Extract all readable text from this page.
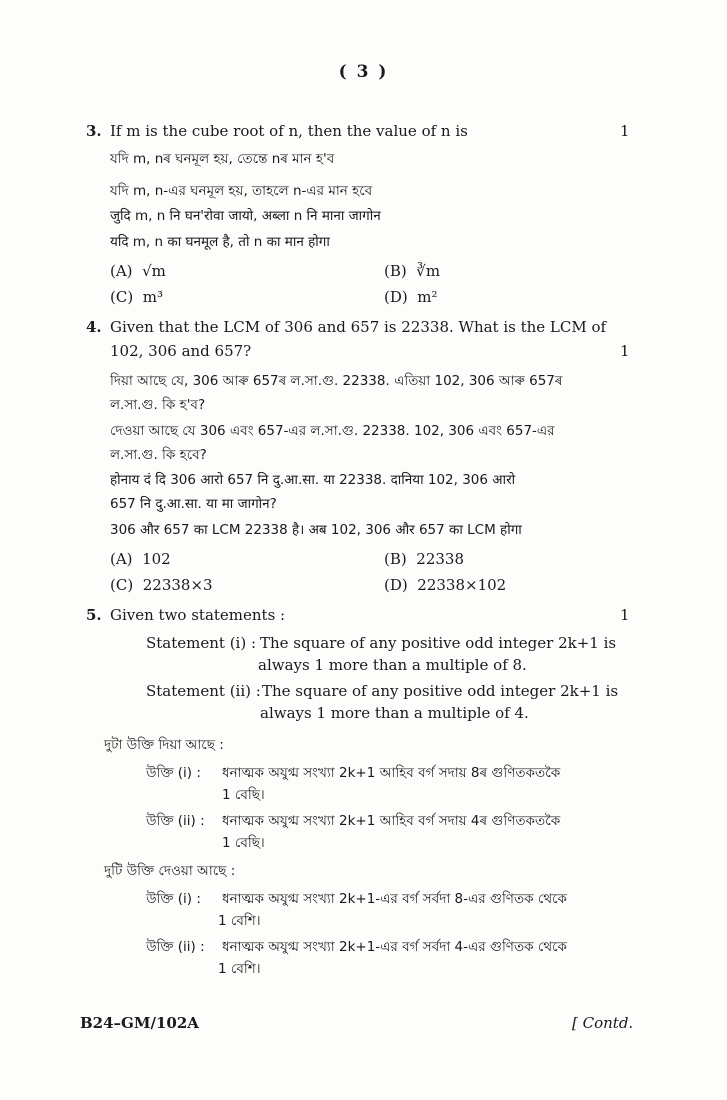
( 3 )
3. If m is the cube root of n, then the value of n is	1
যদি m, nৰ ঘনমূল হয়, তেন্তে nৰ মান হ'ব
যদি m, n-এর ঘনমূল হয়, তাহলে n-এর মান হবে
जुदि m, n नि घन'रोवा जायो, अब्ला n नि माना जागोन
यदि m, n का घनमूल है, तो n का मान होगा
(A) √m	(B) ∛m
(C) m³	(D) m²
4. Given that the LCM of 306 and 657 is 22338. What is the LCM of
102, 306 and 657?	1
দিয়া আছে যে, 306 আৰু 657ৰ ল.সা.গু. 22338. এতিয়া 102, 306 আৰু 657ৰ
ল.সা.গু. কি হ'ব?
দেওয়া আছে যে 306 এবং 657-এর ল.সা.গু. 22338. 102, 306 এবং 657-এর
ল.সা.গু. কি হবে?
होनाय दं दि 306 आरो 657 नि दु.आ.सा. या 22338. दानिया 102, 306 आरो
657 नि दु.आ.सा. या मा जागोन?
306 और 657 का LCM 22338 है। अब 102, 306 और 657 का LCM होगा
(A) 102	(B) 22338
(C) 22338×3	(D) 22338×102
5. Given two statements :	1
Statement (i) : The square of any positive odd integer 2k+1 is
always 1 more than a multiple of 8.
Statement (ii) : The square of any positive odd integer 2k+1 is
always 1 more than a multiple of 4.
দুটা উক্তি দিয়া আছে :
উক্তি (i) : ধনাত্মক অযুগ্ম সংখ্যা 2k+1 আহিব বৰ্গ সদায় 8ৰ গুণিতকতকৈ
1 বেছি।
উক্তি (ii) : ধনাত্মক অযুগ্ম সংখ্যা 2k+1 আহিব বৰ্গ সদায় 4ৰ গুণিতকতকৈ
1 বেছি।
দুটি উক্তি দেওয়া আছে :
উক্তি (i) : ধনাত্মক অযুগ্ম সংখ্যা 2k+1-এর বর্গ সর্বদা 8-এর গুণিতক থেকে
1 বেশি।
উক্তি (ii) : ধনাত্মক অযুগ্ম সংখ্যা 2k+1-এর বর্গ সর্বদা 4-এর গুণিতক থেকে
1 বেশি।
B24–GM/102A	[ Contd.
